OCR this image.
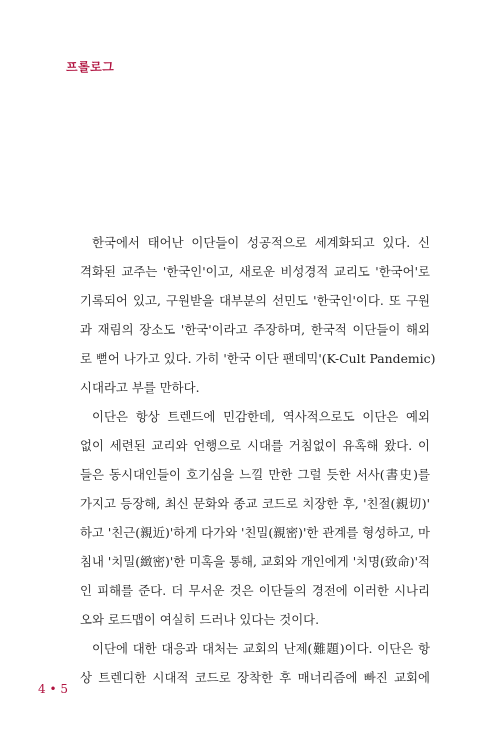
프롤로그

한국에서 태어난 이단들이 성공적으로 세계화되고 있다. 신
격화된 교주는 '한국인'이고, 새로운 비성경적 교리도 '한국어'로
기록되어 있고, 구원받을 대부분의 선민도 '한국인'이다. 또 구원
과 재림의 장소도 '한국'이라고 주장하며, 한국적 이단들이 해외
로 뻗어 나가고 있다. 가히 '한국 이단 팬데믹'(K-Cult Pandemic)
시대라고 부를 만하다.

이단은 항상 트렌드에 민감한데, 역사적으로도 이단은 예외
없이 세련된 교리와 언행으로 시대를 거침없이 유혹해 왔다. 이
들은 동시대인들이 호기심을 느낄 만한 그럴 듯한 서사(書史)를
가지고 등장해, 최신 문화와 종교 코드로 치장한 후, '친절(親切)'
하고 '친근(親近)'하게 다가와 '친밀(親密)'한 관계를 형성하고, 마
침내 '치밀(緻密)'한 미혹을 통해, 교회와 개인에게 '치명(致命)'적
인 피해를 준다. 더 무서운 것은 이단들의 경전에 이러한 시나리
오와 로드맵이 여실히 드러나 있다는 것이다.

이단에 대한 대응과 대처는 교회의 난제(難題)이다. 이단은 항
상 트렌디한 시대적 코드로 장착한 후 매너리즘에 빠진 교회에

4 • 5
